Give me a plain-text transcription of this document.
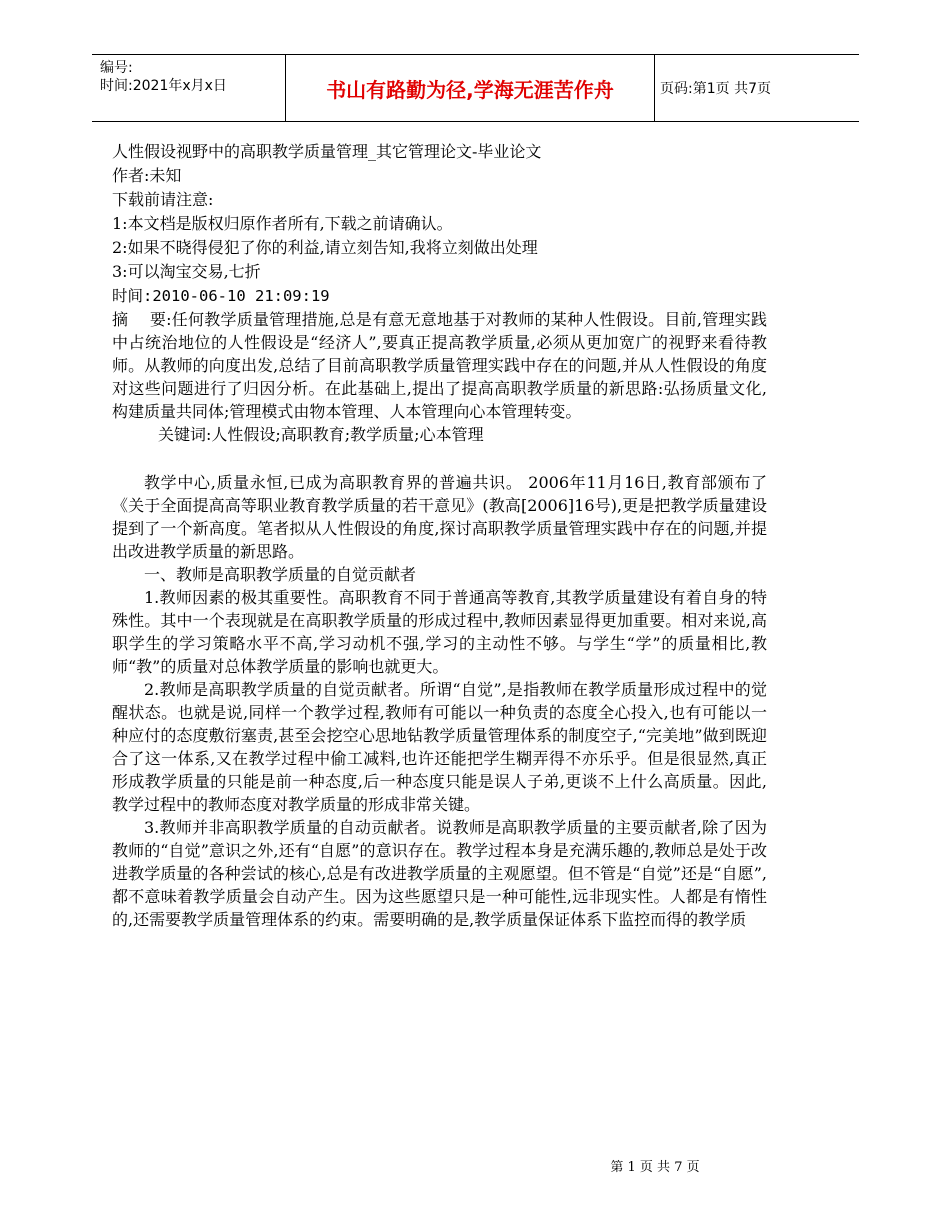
编号:
时间:2021年x月x日	书山有路勤为径,学海无涯苦作舟	页码:第1页 共7页
人性假设视野中的高职教学质量管理_其它管理论文-毕业论文
作者:未知
下载前请注意:
1:本文档是版权归原作者所有,下载之前请确认。
2:如果不晓得侵犯了你的利益,请立刻告知,我将立刻做出处理
3:可以淘宝交易,七折
时间:2010-06-10 21:09:19

摘　 要:任何教学质量管理措施,总是有意无意地基于对教师的某种人性假设。目前,管理实践中占统治地位的人性假设是“经济人”,要真正提高教学质量,必须从更加宽广的视野来看待教师。从教师的向度出发,总结了目前高职教学质量管理实践中存在的问题,并从人性假设的角度对这些问题进行了归因分析。在此基础上,提出了提高高职教学质量的新思路:弘扬质量文化,构建质量共同体;管理模式由物本管理、人本管理向心本管理转变。

关键词:人性假设;高职教育;教学质量;心本管理

教学中心,质量永恒,已成为高职教育界的普遍共识。 2006年11月16日,教育部颁布了《关于全面提高高等职业教育教学质量的若干意见》(教高[2006]16号),更是把教学质量建设提到了一个新高度。笔者拟从人性假设的角度,探讨高职教学质量管理实践中存在的问题,并提出改进教学质量的新思路。

一、教师是高职教学质量的自觉贡献者

1.教师因素的极其重要性。高职教育不同于普通高等教育,其教学质量建设有着自身的特殊性。其中一个表现就是在高职教学质量的形成过程中,教师因素显得更加重要。相对来说,高职学生的学习策略水平不高,学习动机不强,学习的主动性不够。与学生“学”的质量相比,教师“教”的质量对总体教学质量的影响也就更大。

2.教师是高职教学质量的自觉贡献者。所谓“自觉”,是指教师在教学质量形成过程中的觉醒状态。也就是说,同样一个教学过程,教师有可能以一种负责的态度全心投入,也有可能以一种应付的态度敷衍塞责,甚至会挖空心思地钻教学质量管理体系的制度空子,“完美地”做到既迎合了这一体系,又在教学过程中偷工减料,也许还能把学生糊弄得不亦乐乎。但是很显然,真正形成教学质量的只能是前一种态度,后一种态度只能是误人子弟,更谈不上什么高质量。因此,教学过程中的教师态度对教学质量的形成非常关键。

3.教师并非高职教学质量的自动贡献者。说教师是高职教学质量的主要贡献者,除了因为教师的“自觉”意识之外,还有“自愿”的意识存在。教学过程本身是充满乐趣的,教师总是处于改进教学质量的各种尝试的核心,总是有改进教学质量的主观愿望。但不管是“自觉”还是“自愿”,都不意味着教学质量会自动产生。因为这些愿望只是一种可能性,远非现实性。人都是有惰性的,还需要教学质量管理体系的约束。需要明确的是,教学质量保证体系下监控而得的教学质

第 1 页 共 7 页
